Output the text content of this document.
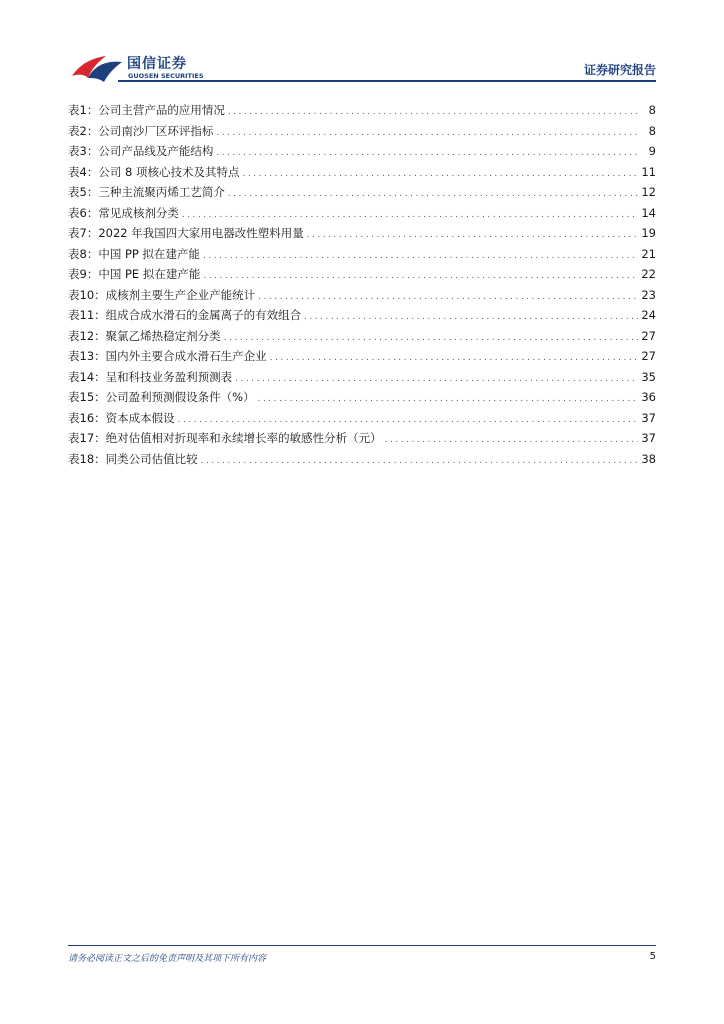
国信证券
GUOSEN SECURITIES	证券研究报告
表1： 公司主营产品的应用情况 .....	8
表2： 公司南沙厂区环评指标 .....	8
表3： 公司产品线及产能结构 .....	9
表4： 公司 8 项核心技术及其特点 .....	11
表5： 三种主流聚丙烯工艺简介 .....	12
表6： 常见成核剂分类 .....	14
表7： 2022 年我国四大家用电器改性塑料用量 .....	19
表8： 中国 PP 拟在建产能 .....	21
表9： 中国 PE 拟在建产能 .....	22
表10： 成核剂主要生产企业产能统计 .....	23
表11： 组成合成水滑石的金属离子的有效组合 .....	24
表12： 聚氯乙烯热稳定剂分类 .....	27
表13： 国内外主要合成水滑石生产企业 .....	27
表14： 呈和科技业务盈利预测表 .....	35
表15： 公司盈利预测假设条件（%） .....	36
表16： 资本成本假设 .....	37
表17： 绝对估值相对折现率和永续增长率的敏感性分析（元） .....	37
表18： 同类公司估值比较 .....	38
请务必阅读正文之后的免责声明及其项下所有内容	5
